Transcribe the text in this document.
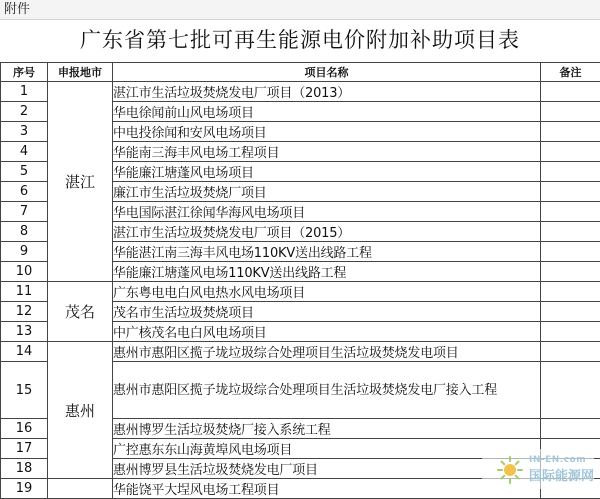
附件
广东省第七批可再生能源电价附加补助项目表
序号	申报地市	项目名称	备注
1	湛江	湛江市生活垃圾焚烧发电厂项目（2013）	
2		华电徐闻前山风电场项目	
3		中电投徐闻和安风电场项目	
4		华能南三海丰风电场工程项目	
5		华能廉江塘蓬风电场项目	
6		廉江市生活垃圾焚烧厂项目	
7		华电国际湛江徐闻华海风电场项目	
8		湛江市生活垃圾焚烧发电厂项目（2015）	
9		华能湛江南三海丰风电场110KV送出线路工程	
10		华能廉江塘蓬风电场110KV送出线路工程	
11	茂名	广东粤电电白风电热水风电场项目	
12		茂名市生活垃圾焚烧项目	
13		中广核茂名电白风电场项目	
14	惠州	惠州市惠阳区揽子垅垃圾综合处理项目生活垃圾焚烧发电项目	
15		惠州市惠阳区揽子垅垃圾综合处理项目生活垃圾焚烧发电厂接入工程	
16		惠州博罗生活垃圾焚烧厂接入系统工程	
17		广控惠东东山海黄埠风电场项目	
18		惠州博罗县生活垃圾焚烧发电厂项目	
19		华能饶平大埕风电场工程项目	
IN-EN.com
国际能源网
